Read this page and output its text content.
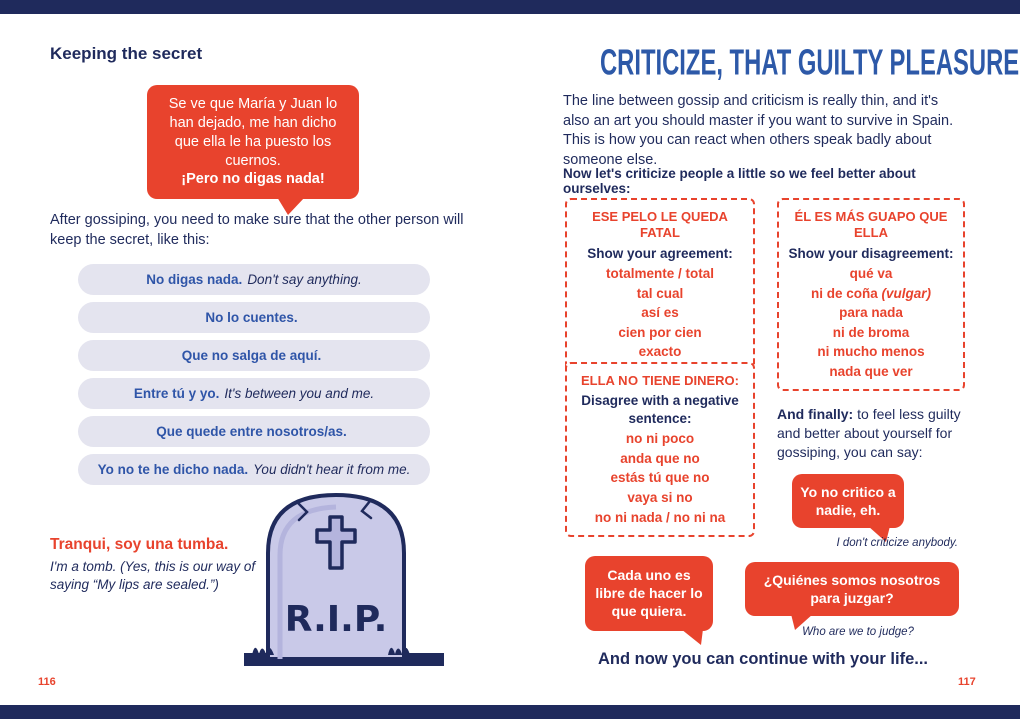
Keeping the secret
Se ve que María y Juan lo han dejado, me han dicho que ella le ha puesto los cuernos.
¡Pero no digas nada!

After gossiping, you need to make sure that the other person will keep the secret, like this:

No digas nada. Don't say anything.
No lo cuentes.
Que no salga de aquí.
Entre tú y yo. It's between you and me.
Que quede entre nosotros/as.
Yo no te he dicho nada. You didn't hear it from me.

Tranqui, soy una tumba.

I'm a tomb. (Yes, this is our way of saying “My lips are sealed.”)

R.I.P.
116
CRITICIZE, THAT GUILTY PLEASURE

The line between gossip and criticism is really thin, and it's also an art you should master if you want to survive in Spain. This is how you can react when others speak badly about someone else.

Now let's criticize people a little so we feel better about ourselves:

ESE PELO LE QUEDA FATAL
Show your agreement:
totalmente / total
tal cual
así es
cien por cien
exacto
ÉL ES MÁS GUAPO QUE ELLA
Show your disagreement:
qué va
ni de coña (vulgar)
para nada
ni de broma
ni mucho menos
nada que ver
ELLA NO TIENE DINERO:
Disagree with a negative sentence:
no ni poco
anda que no
estás tú que no
vaya si no
no ni nada / no ni na

And finally: to feel less guilty and better about yourself for gossiping, you can say:

Yo no critico a nadie, eh.
I don't criticize anybody.
Cada uno es libre de hacer lo que quiera.
¿Quiénes somos nosotros para juzgar?
Who are we to judge?

And now you can continue with your life...

117
